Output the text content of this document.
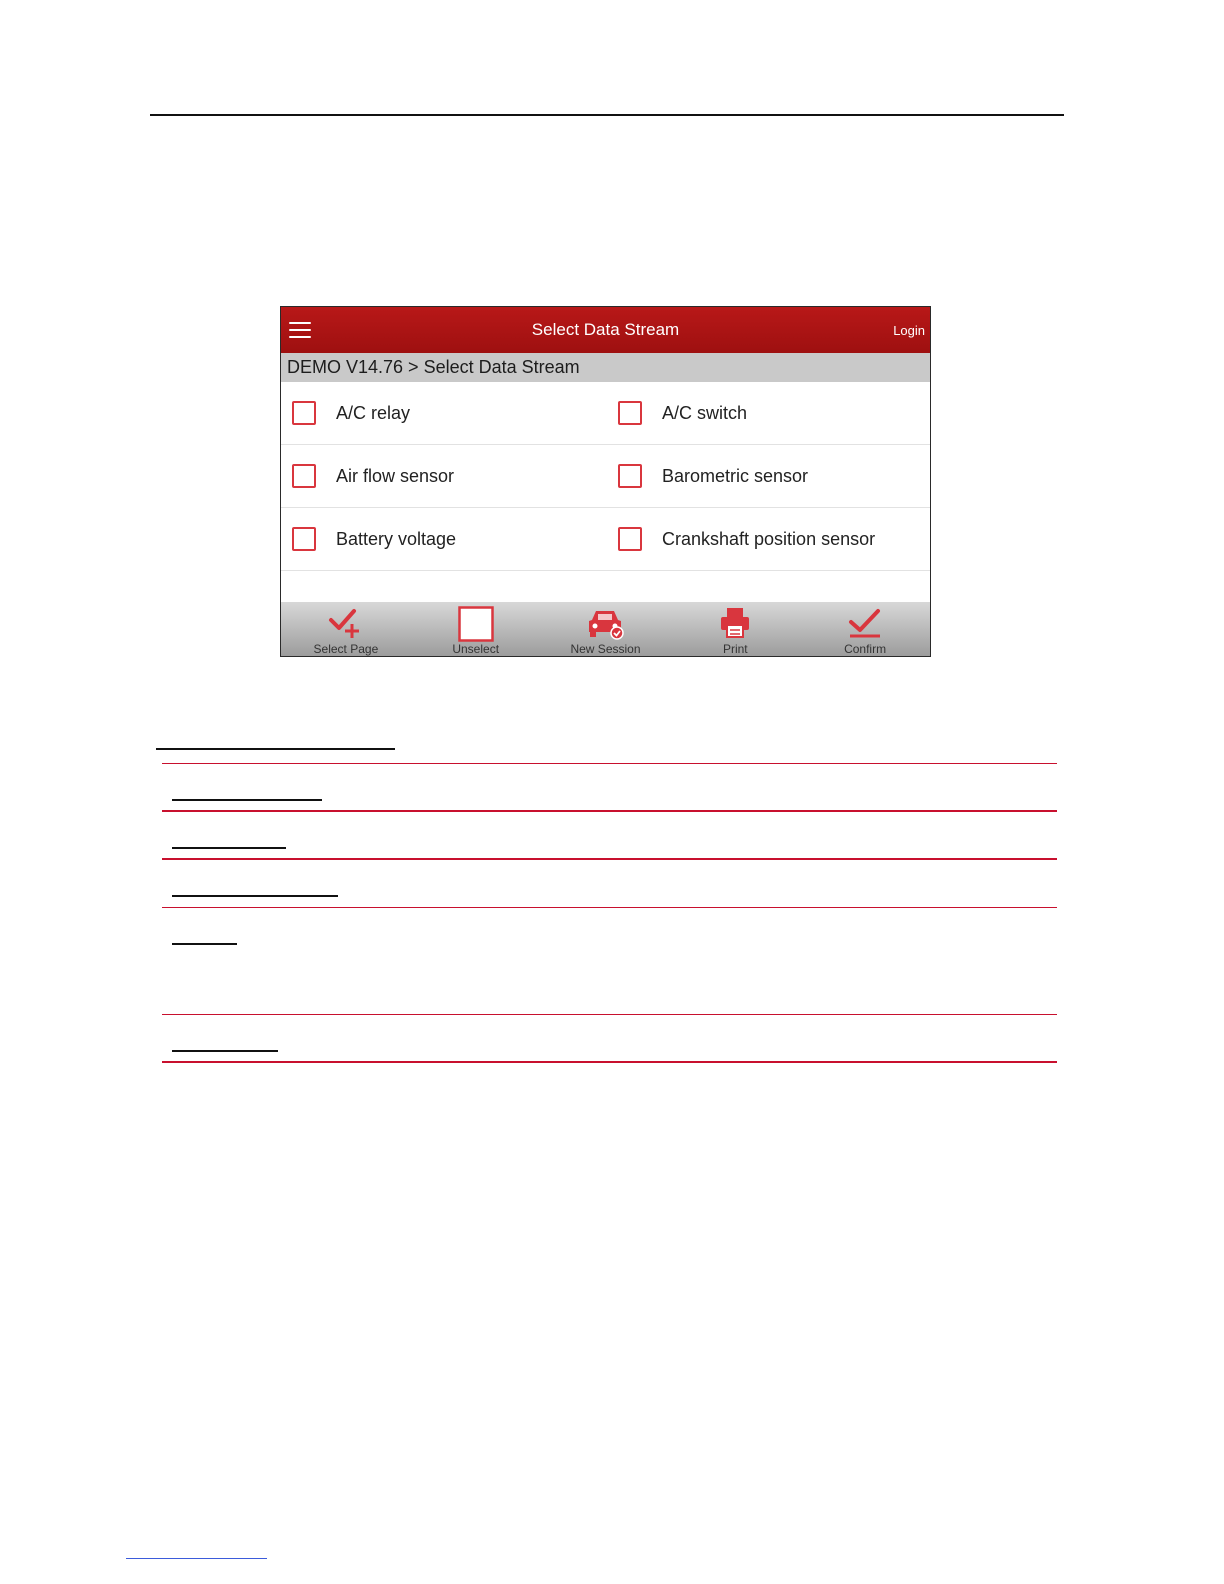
Select Data Stream	Login
DEMO V14.76 > Select Data Stream
A/C relay	A/C switch
Air flow sensor	Barometric sensor
Battery voltage	Crankshaft position sensor
Select Page	Unselect	New Session	Print	Confirm
